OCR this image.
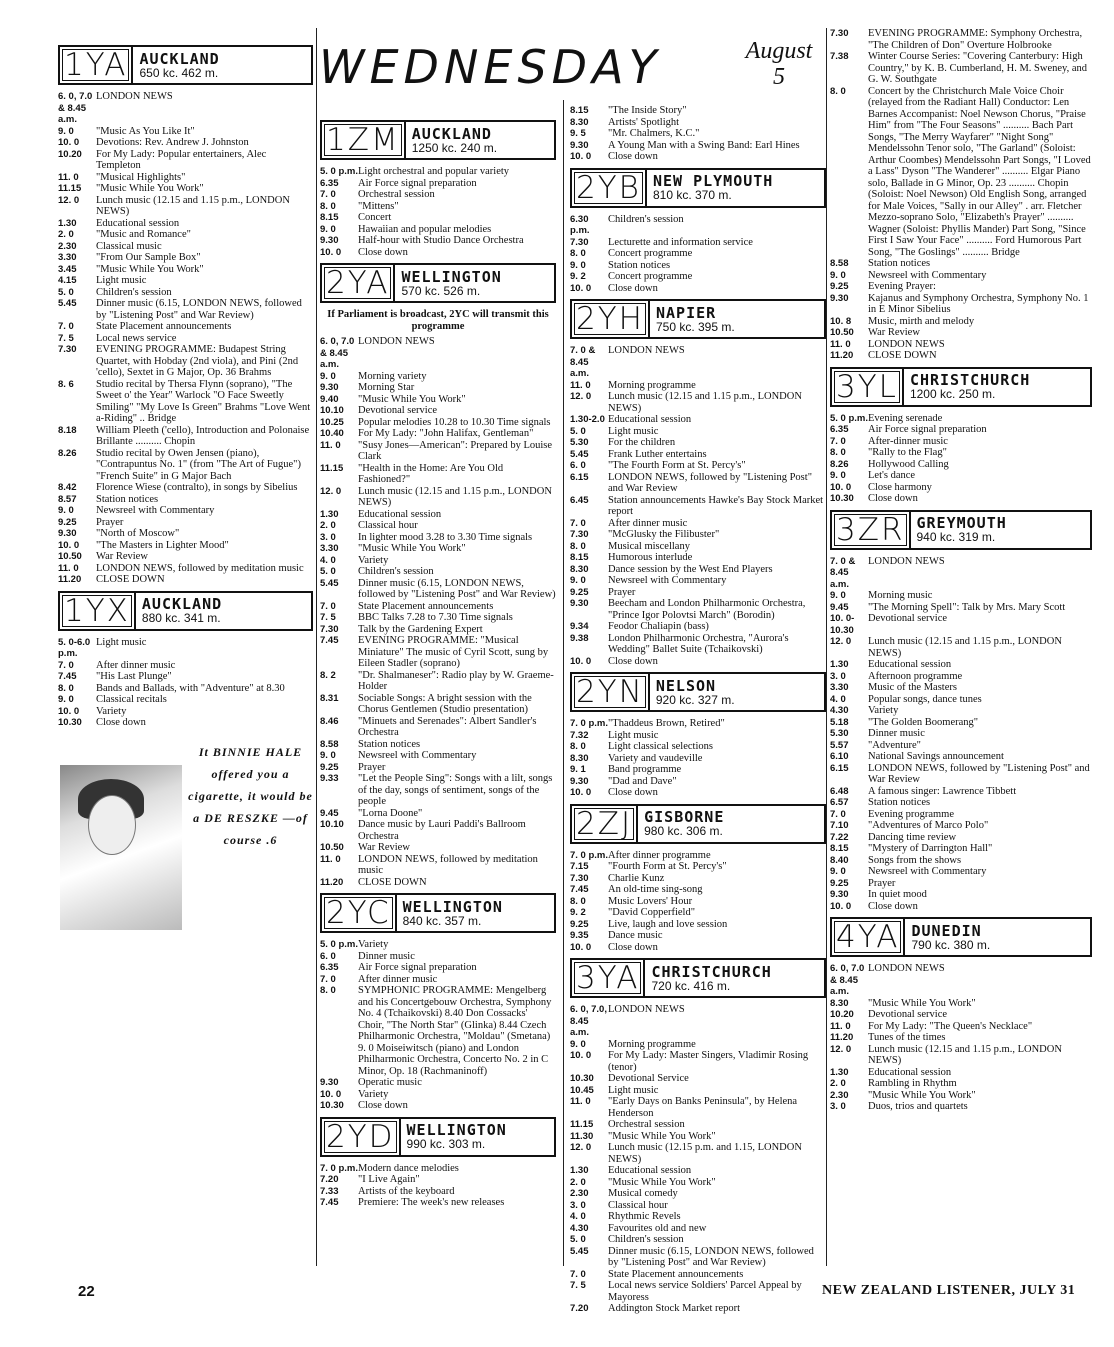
WEDNESDAY	August
5
1YA AUCKLAND
650 kc. 462 m.
6. 0, 7.0 & 8.45 a.m.
LONDON NEWS
9. 0	"Music As You Like It"
10. 0	Devotions: Rev. Andrew J. Johnston
10.20	For My Lady: Popular entertainers, Alec Templeton
11. 0	"Musical Highlights"
11.15	"Music While You Work"
12. 0	Lunch music (12.15 and 1.15 p.m., LONDON NEWS)
1.30	Educational session
2. 0	"Music and Romance"
2.30	Classical music
3.30	"From Our Sample Box"
3.45	"Music While You Work"
4.15	Light music
5. 0	Children's session
5.45	Dinner music (6.15, LONDON NEWS, followed by "Listening Post" and War Review)
7. 0	State Placement announcements
7. 5	Local news service
7.30	EVENING PROGRAMME: Budapest String Quartet, with Hobday (2nd viola), and Pini (2nd 'cello), Sextet in G Major, Op. 36 Brahms
8. 6	Studio recital by Thersa Flynn (soprano), "The Sweet o' the Year" Warlock "O Face Sweetly Smiling" "My Love Is Green" Brahms "Love Went a-Riding" .. Bridge
8.18	William Pleeth ('cello), Introduction and Polonaise Brillante .......... Chopin
8.26	Studio recital by Owen Jensen (piano), "Contrapuntus No. 1" (from "The Art of Fugue") "French Suite" in G Major Bach
8.42	Florence Wiese (contralto), in songs by Sibelius
8.57	Station notices
9. 0	Newsreel with Commentary
9.25	Prayer
9.30	"North of Moscow"
10. 0	"The Masters in Lighter Mood"
10.50	War Review
11. 0	LONDON NEWS, followed by meditation music
11.20	CLOSE DOWN
1YX AUCKLAND
880 kc. 341 m.
5. 0-6.0 p.m.
Light music
7. 0	After dinner music
7.45	"His Last Plunge"
8. 0	Bands and Ballads, with "Adventure" at 8.30
9. 0	Classical recitals
10. 0	Variety
10.30	Close down
It BINNIE HALE offered you a cigarette, it would be a DE RESZKE —of course .6
1ZM AUCKLAND
1250 kc. 240 m.
5. 0 p.m. Light orchestral and popular variety
6.35	Air Force signal preparation
7. 0	Orchestral session
8. 0	"Mittens"
8.15	Concert
9. 0	Hawaiian and popular melodies
9.30	Half-hour with Studio Dance Orchestra
10. 0	Close down
2YA WELLINGTON
570 kc. 526 m.
If Parliament is broadcast, 2YC will transmit this programme
6. 0, 7.0 & 8.45 a.m.
LONDON NEWS
9. 0	Morning variety
9.30	Morning Star
9.40	"Music While You Work"
10.10	Devotional service
10.25	Popular melodies 10.28 to 10.30 Time signals
10.40	For My Lady: "John Halifax, Gentleman"
11. 0	"Susy Jones—American": Prepared by Louise Clark
11.15	"Health in the Home: Are You Old Fashioned?"
12. 0	Lunch music (12.15 and 1.15 p.m., LONDON NEWS)
1.30	Educational session
2. 0	Classical hour
3. 0	In lighter mood 3.28 to 3.30 Time signals
3.30	"Music While You Work"
4. 0	Variety
5. 0	Children's session
5.45	Dinner music (6.15, LONDON NEWS, followed by "Listening Post" and War Review)
7. 0	State Placement announcements
7. 5	BBC Talks 7.28 to 7.30 Time signals
7.30	Talk by the Gardening Expert
7.45	EVENING PROGRAMME: "Musical Miniature" The music of Cyril Scott, sung by Eileen Stadler (soprano)
8. 2	"Dr. Shalmaneser": Radio play by W. Graeme-Holder
8.31	Sociable Songs: A bright session with the Chorus Gentlemen (Studio presentation)
8.46	"Minuets and Serenades": Albert Sandler's Orchestra
8.58	Station notices
9. 0	Newsreel with Commentary
9.25	Prayer
9.33	"Let the People Sing": Songs with a lilt, songs of the day, songs of sentiment, songs of the people
9.45	"Lorna Doone"
10.10	Dance music by Lauri Paddi's Ballroom Orchestra
10.50	War Review
11. 0	LONDON NEWS, followed by meditation music
11.20	CLOSE DOWN
2YC WELLINGTON
840 kc. 357 m.
5. 0 p.m. Variety
6. 0	Dinner music
6.35	Air Force signal preparation
7. 0	After dinner music
8. 0	SYMPHONIC PROGRAMME: Mengelberg and his Concertgebouw Orchestra, Symphony No. 4 (Tchaikovski) 8.40 Don Cossacks' Choir, "The North Star" (Glinka) 8.44 Czech Philharmonic Orchestra, "Moldau" (Smetana) 9. 0 Moiseiwitsch (piano) and London Philharmonic Orchestra, Concerto No. 2 in C Minor, Op. 18 (Rachmaninoff)
9.30	Operatic music
10. 0	Variety
10.30	Close down
2YD WELLINGTON
990 kc. 303 m.
7. 0 p.m. Modern dance melodies
7.20	"I Live Again"
7.33	Artists of the keyboard
7.45	Premiere: The week's new releases
8.15	"The Inside Story"
8.30	Artists' Spotlight
9. 5	"Mr. Chalmers, K.C."
9.30	A Young Man with a Swing Band: Earl Hines
10. 0	Close down
2YB NEW PLYMOUTH
810 kc. 370 m.
6.30 p.m.
Children's session
7.30	Lecturette and information service
8. 0	Concert programme
9. 0	Station notices
9. 2	Concert programme
10. 0	Close down
2YH NAPIER
750 kc. 395 m.
7. 0 & 8.45 a.m.
LONDON NEWS
11. 0	Morning programme
12. 0	Lunch music (12.15 and 1.15 p.m., LONDON NEWS)
1.30-2.0 Educational session
5. 0	Light music
5.30	For the children
5.45	Frank Luther entertains
6. 0	"The Fourth Form at St. Percy's"
6.15	LONDON NEWS, followed by "Listening Post" and War Review
6.45	Station announcements Hawke's Bay Stock Market report
7. 0	After dinner music
7.30	"McGlusky the Filibuster"
8. 0	Musical miscellany
8.15	Humorous interlude
8.30	Dance session by the West End Players
9. 0	Newsreel with Commentary
9.25	Prayer
9.30	Beecham and London Philharmonic Orchestra, "Prince Igor Polovtsi March" (Borodin)
9.34	Feodor Chaliapin (bass)
9.38	London Philharmonic Orchestra, "Aurora's Wedding" Ballet Suite (Tchaikovski)
10. 0	Close down
2YN NELSON
920 kc. 327 m.
7. 0 p.m. "Thaddeus Brown, Retired"
7.32	Light music
8. 0	Light classical selections
8.30	Variety and vaudeville
9. 1	Band programme
9.30	"Dad and Dave"
10. 0	Close down
2ZJ GISBORNE
980 kc. 306 m.
7. 0 p.m. After dinner programme
7.15	"Fourth Form at St. Percy's"
7.30	Charlie Kunz
7.45	An old-time sing-song
8. 0	Music Lovers' Hour
9. 2	"David Copperfield"
9.25	Live, laugh and love session
9.35	Dance music
10. 0	Close down
3YA CHRISTCHURCH
720 kc. 416 m.
6. 0, 7.0, 8.45 a.m.
LONDON NEWS
9. 0	Morning programme
10. 0	For My Lady: Master Singers, Vladimir Rosing (tenor)
10.30	Devotional Service
10.45	Light music
11. 0	"Early Days on Banks Peninsula", by Helena Henderson
11.15	Orchestral session
11.30	"Music While You Work"
12. 0	Lunch music (12.15 p.m. and 1.15, LONDON NEWS)
1.30	Educational session
2. 0	"Music While You Work"
2.30	Musical comedy
3. 0	Classical hour
4. 0	Rhythmic Revels
4.30	Favourites old and new
5. 0	Children's session
5.45	Dinner music (6.15, LONDON NEWS, followed by "Listening Post" and War Review)
7. 0	State Placement announcements
7. 5	Local news service Soldiers' Parcel Appeal by Mayoress
7.20	Addington Stock Market report
7.30	EVENING PROGRAMME: Symphony Orchestra, "The Children of Don" Overture Holbrooke
7.38	Winter Course Series: "Covering Canterbury: High Country," by K. B. Cumberland, H. M. Sweney, and G. W. Southgate
8. 0	Concert by the Christchurch Male Voice Choir (relayed from the Radiant Hall) Conductor: Len Barnes Accompanist: Noel Newson Chorus, "Praise Him" from "The Four Seasons" .......... Bach Part Songs, "The Merry Wayfarer" "Night Song" Mendelssohn Tenor solo, "The Garland" (Soloist: Arthur Coombes) Mendelssohn Part Songs, "I Loved a Lass" Dyson "The Wanderer" .......... Elgar Piano solo, Ballade in G Minor, Op. 23 .......... Chopin (Soloist: Noel Newson) Old English Song, arranged for Male Voices, "Sally in our Alley" . arr. Fletcher Mezzo-soprano Solo, "Elizabeth's Prayer" .......... Wagner (Soloist: Phyllis Mander) Part Song, "Since First I Saw Your Face" .......... Ford Humorous Part Song, "The Goslings" .......... Bridge
8.58	Station notices
9. 0	Newsreel with Commentary
9.25	Evening Prayer:
9.30	Kajanus and Symphony Orchestra, Symphony No. 1 in E Minor Sibelius
10. 8	Music, mirth and melody
10.50	War Review
11. 0	LONDON NEWS
11.20	CLOSE DOWN
3YL CHRISTCHURCH
1200 kc. 250 m.
5. 0 p.m. Evening serenade
6.35	Air Force signal preparation
7. 0	After-dinner music
8. 0	"Rally to the Flag"
8.26	Hollywood Calling
9. 0	Let's dance
10. 0	Close harmony
10.30	Close down
3ZR GREYMOUTH
940 kc. 319 m.
7. 0 & 8.45 a.m.
LONDON NEWS
9. 0	Morning music
9.45	"The Morning Spell": Talk by Mrs. Mary Scott
10. 0-10.30
Devotional service
12. 0	Lunch music (12.15 and 1.15 p.m., LONDON NEWS)
1.30	Educational session
3. 0	Afternoon programme
3.30	Music of the Masters
4. 0	Popular songs, dance tunes
4.30	Variety
5.18	"The Golden Boomerang"
5.30	Dinner music
5.57	"Adventure"
6.10	National Savings announcement
6.15	LONDON NEWS, followed by "Listening Post" and War Review
6.48	A famous singer: Lawrence Tibbett
6.57	Station notices
7. 0	Evening programme
7.10	"Adventures of Marco Polo"
7.22	Dancing time review
8.15	"Mystery of Darrington Hall"
8.40	Songs from the shows
9. 0	Newsreel with Commentary
9.25	Prayer
9.30	In quiet mood
10. 0	Close down
4YA DUNEDIN
790 kc. 380 m.
6. 0, 7.0 & 8.45 a.m.
LONDON NEWS
8.30	"Music While You Work"
10.20	Devotional service
11. 0	For My Lady: "The Queen's Necklace"
11.20	Tunes of the times
12. 0	Lunch music (12.15 and 1.15 p.m., LONDON NEWS)
1.30	Educational session
2. 0	Rambling in Rhythm
2.30	"Music While You Work"
3. 0	Duos, trios and quartets
22	NEW ZEALAND LISTENER, JULY 31
